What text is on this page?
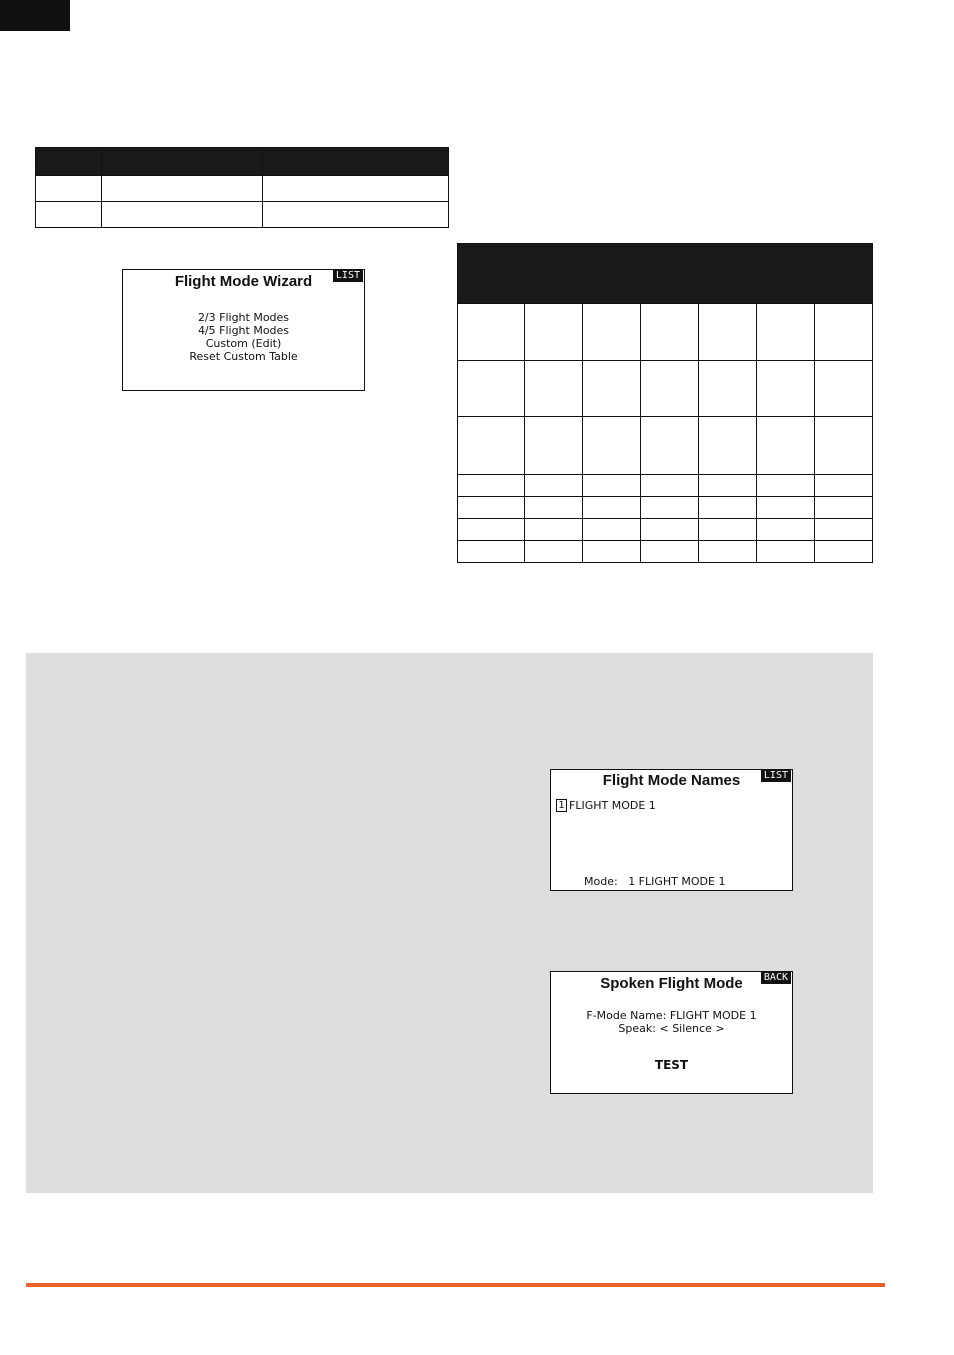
Flight Mode Wizard	LIST
2/3 Flight Modes
4/5 Flight Modes
Custom (Edit)
Reset Custom Table

Flight Mode Names	LIST
1 FLIGHT MODE 1
Mode: 1 FLIGHT MODE 1
Spoken Flight Mode	BACK
F-Mode Name: FLIGHT MODE 1
Speak: < Silence >
TEST
